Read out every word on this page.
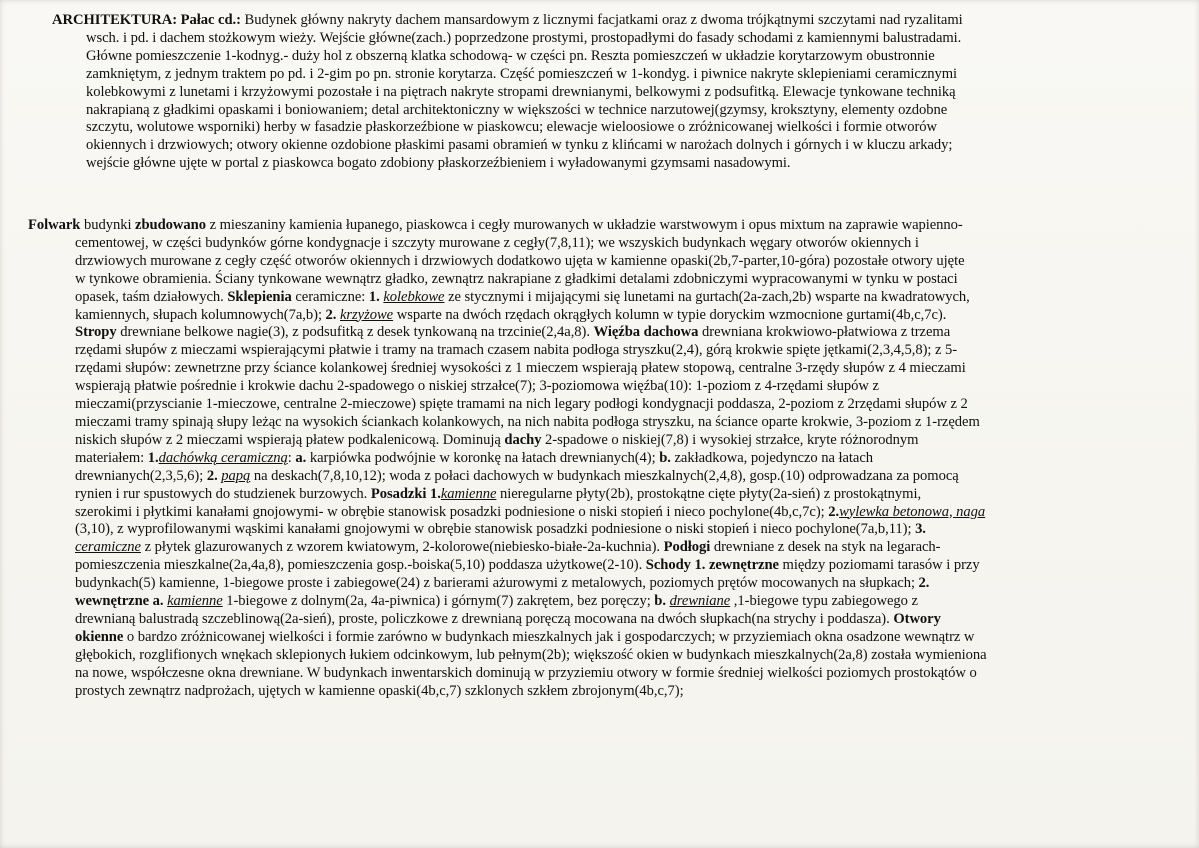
ARCHITEKTURA: Pałac cd.: Budynek główny nakryty dachem mansardowym z licznymi facjatkami oraz z dwoma trójkątnymi szczytami nad ryzalitami
wsch. i pd. i dachem stożkowym wieży. Wejście główne(zach.) poprzedzone prostymi, prostopadłymi do fasady schodami z kamiennymi balustradami.
Główne pomieszczenie 1-kodnyg.- duży hol z obszerną klatka schodową- w części pn. Reszta pomieszczeń w układzie korytarzowym obustronnie
zamkniętym, z jednym traktem po pd. i 2-gim po pn. stronie korytarza. Część pomieszczeń w 1-kondyg. i piwnice nakryte sklepieniami ceramicznymi
kolebkowymi z lunetami i krzyżowymi pozostałe i na piętrach nakryte stropami drewnianymi, belkowymi z podsufitką. Elewacje tynkowane techniką
nakrapianą z gładkimi opaskami i boniowaniem; detal architektoniczny w większości w technice narzutowej(gzymsy, kroksztyny, elementy ozdobne
szczytu, wolutowe wsporniki) herby w fasadzie płaskorzeźbione w piaskowcu; elewacje wieloosiowe o zróżnicowanej wielkości i formie otworów
okiennych i drzwiowych; otwory okienne ozdobione płaskimi pasami obramień w tynku z klińcami w narożach dolnych i górnych i w kluczu arkady;
wejście główne ujęte w portal z piaskowca bogato zdobiony płaskorzeźbieniem i wyładowanymi gzymsami nasadowymi.
Folwark budynki zbudowano z mieszaniny kamienia łupanego, piaskowca i cegły murowanych w układzie warstwowym i opus mixtum na zaprawie wapienno-
cementowej, w części budynków górne kondygnacje i szczyty murowane z cegły(7,8,11); we wszyskich budynkach węgary otworów okiennych i
drzwiowych murowane z cegły część otworów okiennych i drzwiowych dodatkowo ujęta w kamienne opaski(2b,7-parter,10-góra) pozostałe otwory ujęte
w tynkowe obramienia. Ściany tynkowane wewnątrz gładko, zewnątrz nakrapiane z gładkimi detalami zdobniczymi wypracowanymi w tynku w postaci
opasek, taśm działowych. Sklepienia ceramiczne: 1. kolebkowe ze stycznymi i mijającymi się lunetami na gurtach(2a-zach,2b) wsparte na kwadratowych,
kamiennych, słupach kolumnowych(7a,b); 2. krzyżowe wsparte na dwóch rzędach okrągłych kolumn w typie doryckim wzmocnione gurtami(4b,c,7c).
Stropy drewniane belkowe nagie(3), z podsufitką z desek tynkowaną na trzcinie(2,4a,8). Więźba dachowa drewniana krokwiowo-płatwiowa z trzema
rzędami słupów z mieczami wspierającymi płatwie i tramy na tramach czasem nabita podłoga stryszku(2,4), górą krokwie spięte jętkami(2,3,4,5,8); z 5-
rzędami słupów: zewnetrzne przy ściance kolankowej średniej wysokości z 1 mieczem wspierają płatew stopową, centralne 3-rzędy słupów z 4 mieczami
wspierają płatwie pośrednie i krokwie dachu 2-spadowego o niskiej strzałce(7); 3-poziomowa więźba(10): 1-poziom z 4-rzędami słupów z
mieczami(przyscianie 1-mieczowe, centralne 2-mieczowe) spięte tramami na nich legary podłogi kondygnacji poddasza, 2-poziom z 2rzędami słupów z 2
mieczami tramy spinają słupy leżąc na wysokich ściankach kolankowych, na nich nabita podłoga stryszku, na ściance oparte krokwie, 3-poziom z 1-rzędem
niskich słupów z 2 mieczami wspierają płatew podkalenicową. Dominują dachy 2-spadowe o niskiej(7,8) i wysokiej strzałce, kryte różnorodnym
materiałem: 1.dachówką ceramiczną: a. karpiówka podwójnie w koronkę na łatach drewnianych(4); b. zakładkowa, pojedynczo na łatach
drewnianych(2,3,5,6); 2. papą na deskach(7,8,10,12); woda z połaci dachowych w budynkach mieszkalnych(2,4,8), gosp.(10) odprowadzana za pomocą
rynien i rur spustowych do studzienek burzowych. Posadzki 1.kamienne nieregularne płyty(2b), prostokątne cięte płyty(2a-sień) z prostokątnymi,
szerokimi i płytkimi kanałami gnojowymi- w obrębie stanowisk posadzki podniesione o niski stopień i nieco pochylone(4b,c,7c); 2.wylewka betonowa, naga
(3,10), z wyprofilowanymi wąskimi kanałami gnojowymi w obrębie stanowisk posadzki podniesione o niski stopień i nieco pochylone(7a,b,11); 3.
ceramiczne z płytek glazurowanych z wzorem kwiatowym, 2-kolorowe(niebiesko-białe-2a-kuchnia). Podłogi drewniane z desek na styk na legarach-
pomieszczenia mieszkalne(2a,4a,8), pomieszczenia gosp.-boiska(5,10) poddasza użytkowe(2-10). Schody 1. zewnętrzne między poziomami tarasów i przy
budynkach(5) kamienne, 1-biegowe proste i zabiegowe(24) z barierami ażurowymi z metalowych, poziomych prętów mocowanych na słupkach; 2.
wewnętrzne a. kamienne 1-biegowe z dolnym(2a, 4a-piwnica) i górnym(7) zakrętem, bez poręczy; b. drewniane ,1-biegowe typu zabiegowego z
drewnianą balustradą szczeblinową(2a-sień), proste, policzkowe z drewnianą poręczą mocowana na dwóch słupkach(na strychy i poddasza). Otwory
okienne o bardzo zróżnicowanej wielkości i formie zarówno w budynkach mieszkalnych jak i gospodarczych; w przyziemiach okna osadzone wewnątrz w
głębokich, rozglifionych wnękach sklepionych łukiem odcinkowym, lub pełnym(2b); większość okien w budynkach mieszkalnych(2a,8) została wymieniona
na nowe, współczesne okna drewniane. W budynkach inwentarskich dominują w przyziemiu otwory w formie średniej wielkości poziomych prostokątów o
prostych zewnątrz nadprożach, ujętych w kamienne opaski(4b,c,7) szklonych szkłem zbrojonym(4b,c,7);
